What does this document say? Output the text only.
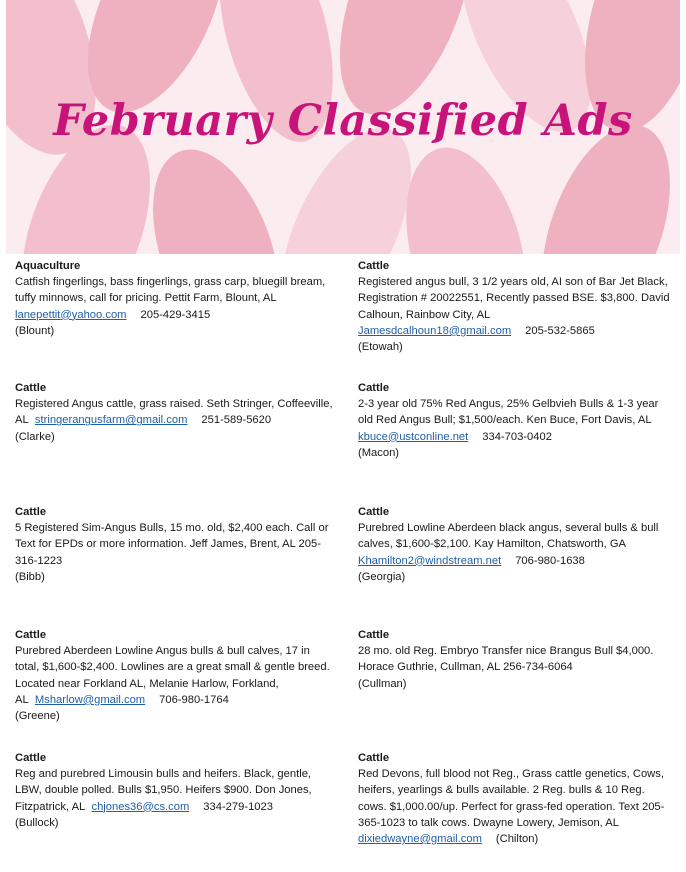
February Classified Ads
Aquaculture
Catfish fingerlings, bass fingerlings, grass carp, bluegill bream, tuffy minnows, call for pricing. Pettit Farm, Blount, AL
lanepettit@yahoo.com 205-429-3415
(Blount)
Cattle
Registered angus bull, 3 1/2 years old, AI son of Bar Jet Black, Registration # 20022551, Recently passed BSE. $3,800. David Calhoun, Rainbow City, AL
Jamesdcalhoun18@gmail.com 205-532-5865
(Etowah)
Cattle
Registered Angus cattle, grass raised. Seth Stringer, Coffeeville, AL stringerangusfarm@gmail.com 251-589-5620
(Clarke)
Cattle
2-3 year old 75% Red Angus, 25% Gelbvieh Bulls & 1-3 year old Red Angus Bull; $1,500/each. Ken Buce, Fort Davis, AL
kbuce@ustconline.net 334-703-0402
(Macon)
Cattle
5 Registered Sim-Angus Bulls, 15 mo. old, $2,400 each. Call or Text for EPDs or more information. Jeff James, Brent, AL 205-316-1223
(Bibb)
Cattle
Purebred Lowline Aberdeen black angus, several bulls & bull calves, $1,600-$2,100. Kay Hamilton, Chatsworth, GA
Khamilton2@windstream.net 706-980-1638
(Georgia)
Cattle
Purebred Aberdeen Lowline Angus bulls & bull calves, 17 in total, $1,600-$2,400. Lowlines are a great small & gentle breed. Located near Forkland AL, Melanie Harlow, Forkland, AL Msharlow@gmail.com 706-980-1764
(Greene)
Cattle
28 mo. old Reg. Embryo Transfer nice Brangus Bull $4,000. Horace Guthrie, Cullman, AL 256-734-6064
(Cullman)
Cattle
Reg and purebred Limousin bulls and heifers. Black, gentle, LBW, double polled. Bulls $1,950. Heifers $900. Don Jones, Fitzpatrick, AL chjones36@cs.com 334-279-1023
(Bullock)
Cattle
Red Devons, full blood not Reg., Grass cattle genetics, Cows, heifers, yearlings & bulls available. 2 Reg. bulls & 10 Reg. cows. $1,000.00/up. Perfect for grass-fed operation. Text 205-365-1023 to talk cows. Dwayne Lowery, Jemison, AL
dixiedwayne@gmail.com (Chilton)
